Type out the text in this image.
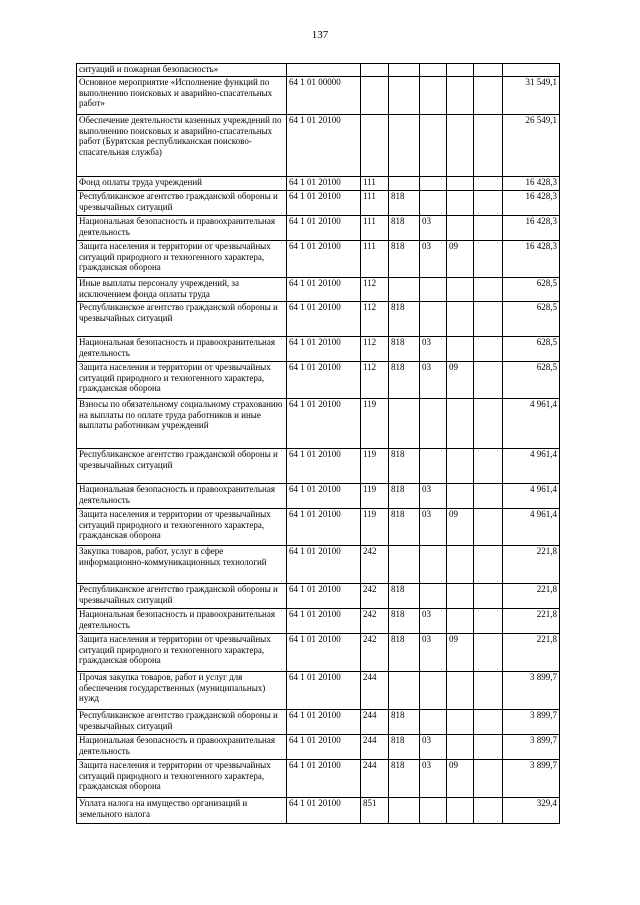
137
ситуаций и пожарная безопасность»							
Основное мероприятие «Исполнение функций по выполнению поисковых и аварийно-спасательных работ»	64 1 01 00000						31 549,1
Обеспечение деятельности казенных учреждений по выполнению поисковых и аварийно-спасательных работ (Бурятская республиканская поисково-спасательная служба)	64 1 01 20100						26 549,1
Фонд оплаты труда учреждений	64 1 01 20100	111					16 428,3
Республиканское агентство гражданской обороны и чрезвычайных ситуаций	64 1 01 20100	111	818				16 428,3
Национальная безопасность и правоохранительная деятельность	64 1 01 20100	111	818	03			16 428,3
Защита населения и территории от чрезвычайных ситуаций природного и техногенного характера, гражданская оборона	64 1 01 20100	111	818	03	09		16 428,3
Иные выплаты персоналу учреждений, за исключением фонда оплаты труда	64 1 01 20100	112					628,5
Республиканское агентство гражданской обороны и чрезвычайных ситуаций	64 1 01 20100	112	818				628,5
Национальная безопасность и правоохранительная деятельность	64 1 01 20100	112	818	03			628,5
Защита населения и территории от чрезвычайных ситуаций природного и техногенного характера, гражданская оборона	64 1 01 20100	112	818	03	09		628,5
Взносы по обязательному социальному страхованию на выплаты по оплате труда работников и иные выплаты работникам учреждений	64 1 01 20100	119					4 961,4
Республиканское агентство гражданской обороны и чрезвычайных ситуаций	64 1 01 20100	119	818				4 961,4
Национальная безопасность и правоохранительная деятельность	64 1 01 20100	119	818	03			4 961,4
Защита населения и территории от чрезвычайных ситуаций природного и техногенного характера, гражданская оборона	64 1 01 20100	119	818	03	09		4 961,4
Закупка товаров, работ, услуг в сфере информационно-коммуникационных технологий	64 1 01 20100	242					221,8
Республиканское агентство гражданской обороны и чрезвычайных ситуаций	64 1 01 20100	242	818				221,8
Национальная безопасность и правоохранительная деятельность	64 1 01 20100	242	818	03			221,8
Защита населения и территории от чрезвычайных ситуаций природного и техногенного характера, гражданская оборона	64 1 01 20100	242	818	03	09		221,8
Прочая закупка товаров, работ и услуг для обеспечения государственных (муниципальных) нужд	64 1 01 20100	244					3 899,7
Республиканское агентство гражданской обороны и чрезвычайных ситуаций	64 1 01 20100	244	818				3 899,7
Национальная безопасность и правоохранительная деятельность	64 1 01 20100	244	818	03			3 899,7
Защита населения и территории от чрезвычайных ситуаций природного и техногенного характера, гражданская оборона	64 1 01 20100	244	818	03	09		3 899,7
Уплата налога на имущество организаций и земельного налога	64 1 01 20100	851					329,4
